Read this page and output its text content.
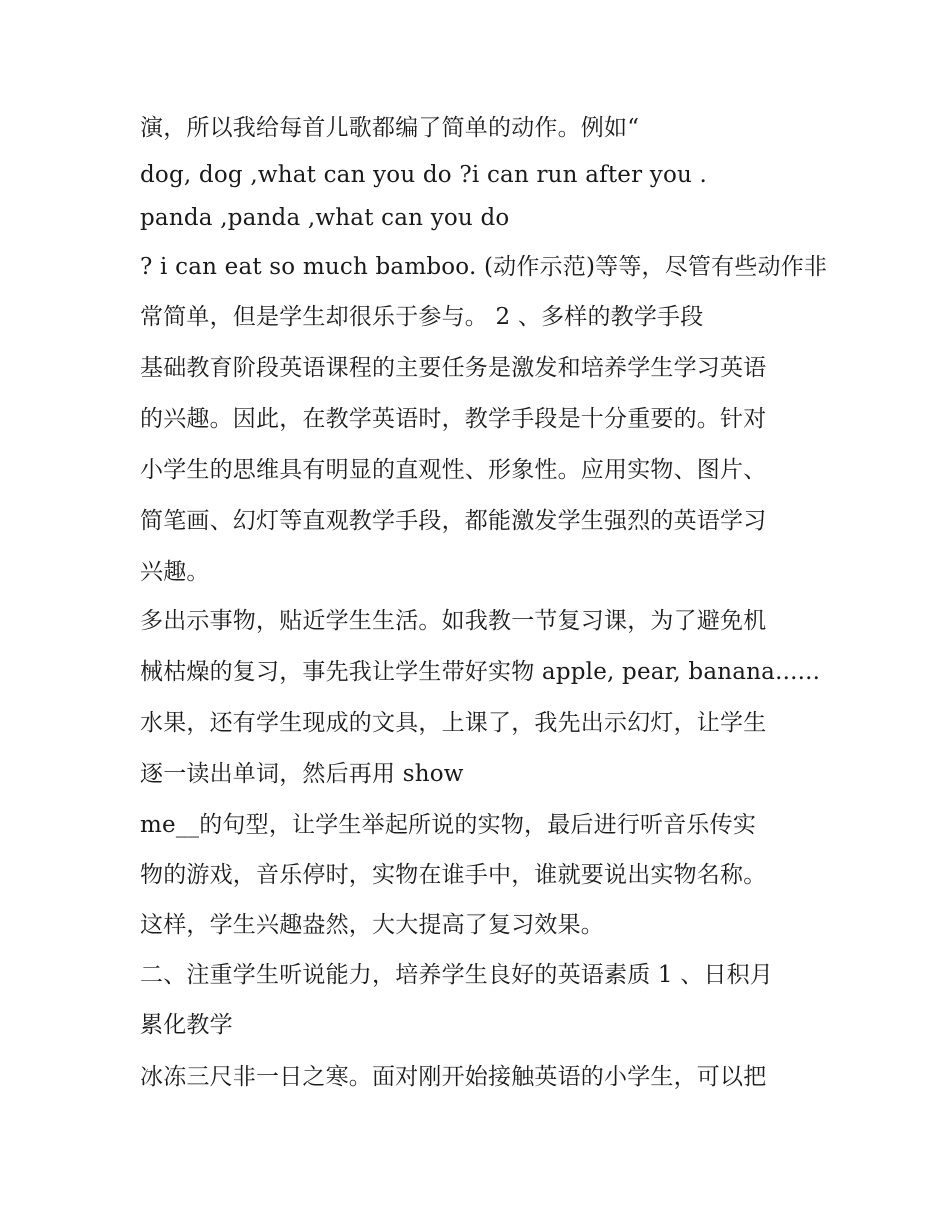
演，所以我给每首儿歌都编了简单的动作。例如“
dog, dog ,what can you do ?i can run after you .
panda ,panda ,what can you do
? i can eat so much bamboo. (动作示范)等等，尽管有些动作非
常简单，但是学生却很乐于参与。 2 、多样的教学手段
基础教育阶段英语课程的主要任务是激发和培养学生学习英语
的兴趣。因此，在教学英语时，教学手段是十分重要的。针对
小学生的思维具有明显的直观性、形象性。应用实物、图片、
简笔画、幻灯等直观教学手段，都能激发学生强烈的英语学习
兴趣。
多出示事物，贴近学生生活。如我教一节复习课，为了避免机
械枯燥的复习，事先我让学生带好实物 apple, pear, banana......
水果，还有学生现成的文具，上课了，我先出示幻灯，让学生
逐一读出单词，然后再用 show
me__的句型，让学生举起所说的实物，最后进行听音乐传实
物的游戏，音乐停时，实物在谁手中，谁就要说出实物名称。
这样，学生兴趣盎然，大大提高了复习效果。
二、注重学生听说能力，培养学生良好的英语素质 1 、日积月
累化教学
冰冻三尺非一日之寒。面对刚开始接触英语的小学生，可以把
